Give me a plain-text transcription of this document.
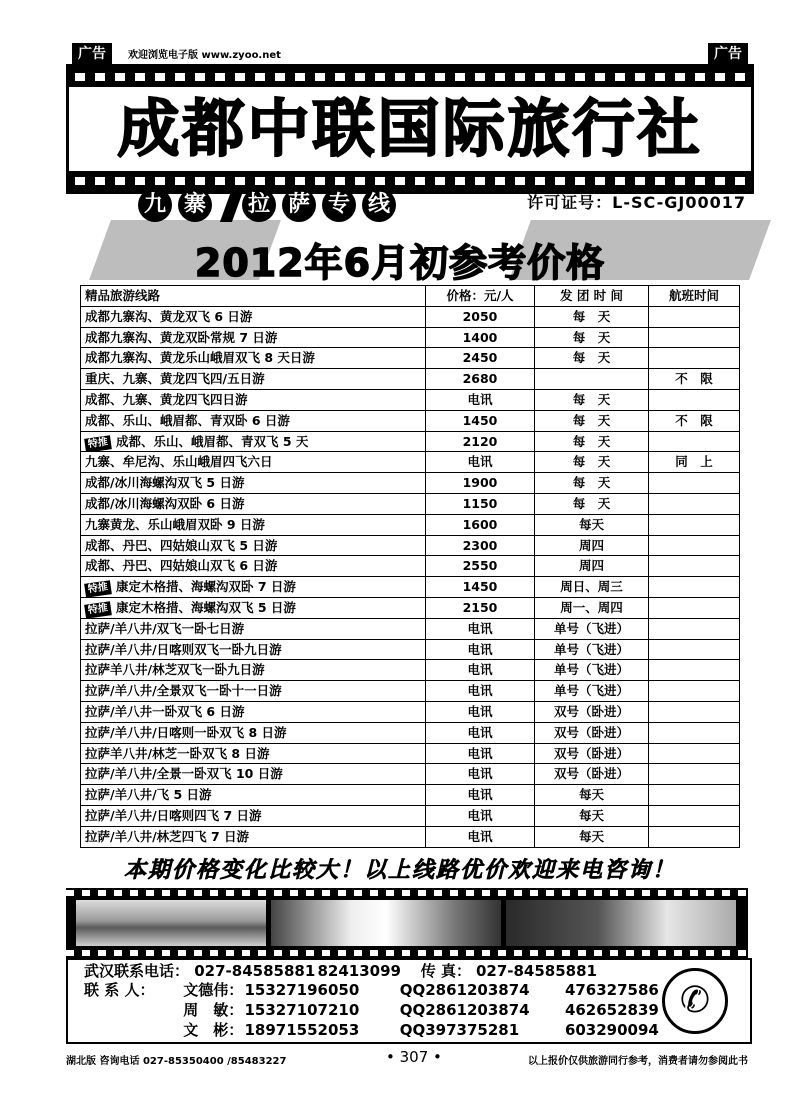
广告	欢迎浏览电子版 www.zyoo.net	广告
成都中联国际旅行社
九 寨 拉 萨 专 线	许可证号：L-SC-GJ00017
2012年6月初参考价格
精品旅游线路	价格：元/人	发 团 时 间	航班时间
成都九寨沟、黄龙双飞 6 日游	2050	每　天	
成都九寨沟、黄龙双卧常规 7 日游	1400	每　天	
成都九寨沟、黄龙乐山峨眉双飞 8 天日游	2450	每　天	
重庆、九寨、黄龙四飞四/五日游	2680		不　限
成都、九寨、黄龙四飞四日游	电讯	每　天	
成都、乐山、峨眉都、青双卧 6 日游	1450	每　天	不　限
特推 成都、乐山、峨眉都、青双飞 5 天	2120	每　天	
九寨、牟尼沟、乐山峨眉四飞六日	电讯	每　天	同　上
成都/冰川海螺沟双飞 5 日游	1900	每　天	
成都/冰川海螺沟双卧 6 日游	1150	每　天	
九寨黄龙、乐山峨眉双卧 9 日游	1600	每天	
成都、丹巴、四姑娘山双飞 5 日游	2300	周四	
成都、丹巴、四姑娘山双飞 6 日游	2550	周四	
特推 康定木格措、海螺沟双卧 7 日游	1450	周日、周三	
特推 康定木格措、海螺沟双飞 5 日游	2150	周一、周四	
拉萨/羊八井/双飞一卧七日游	电讯	单号（飞进）	
拉萨/羊八井/日喀则双飞一卧九日游	电讯	单号（飞进）	
拉萨羊八井/林芝双飞一卧九日游	电讯	单号（飞进）	
拉萨/羊八井/全景双飞一卧十一日游	电讯	单号（飞进）	
拉萨/羊八井一卧双飞 6 日游	电讯	双号（卧进）	
拉萨/羊八井/日喀则一卧双飞 8 日游	电讯	双号（卧进）	
拉萨羊八井/林芝一卧双飞 8 日游	电讯	双号（卧进）	
拉萨/羊八井/全景一卧双飞 10 日游	电讯	双号（卧进）	
拉萨/羊八井/飞 5 日游	电讯	每天	
拉萨/羊八井/日喀则四飞 7 日游	电讯	每天	
拉萨/羊八井/林芝四飞 7 日游	电讯	每天	
本期价格变化比较大！以上线路优价欢迎来电咨询！
武汉联系电话： 027-84585881 82413099 传 真： 027-84585881
联 系 人： 文德伟： 15327196050	QQ2861203874 476327586
周　敏： 15327107210	QQ2861203874 462652839
文　彬： 18971552053	QQ397375281	603290094
✆
湖北版 咨询电话 027-85350400 /85483227	• 307 •	以上报价仅供旅游同行参考，消费者请勿参阅此书
